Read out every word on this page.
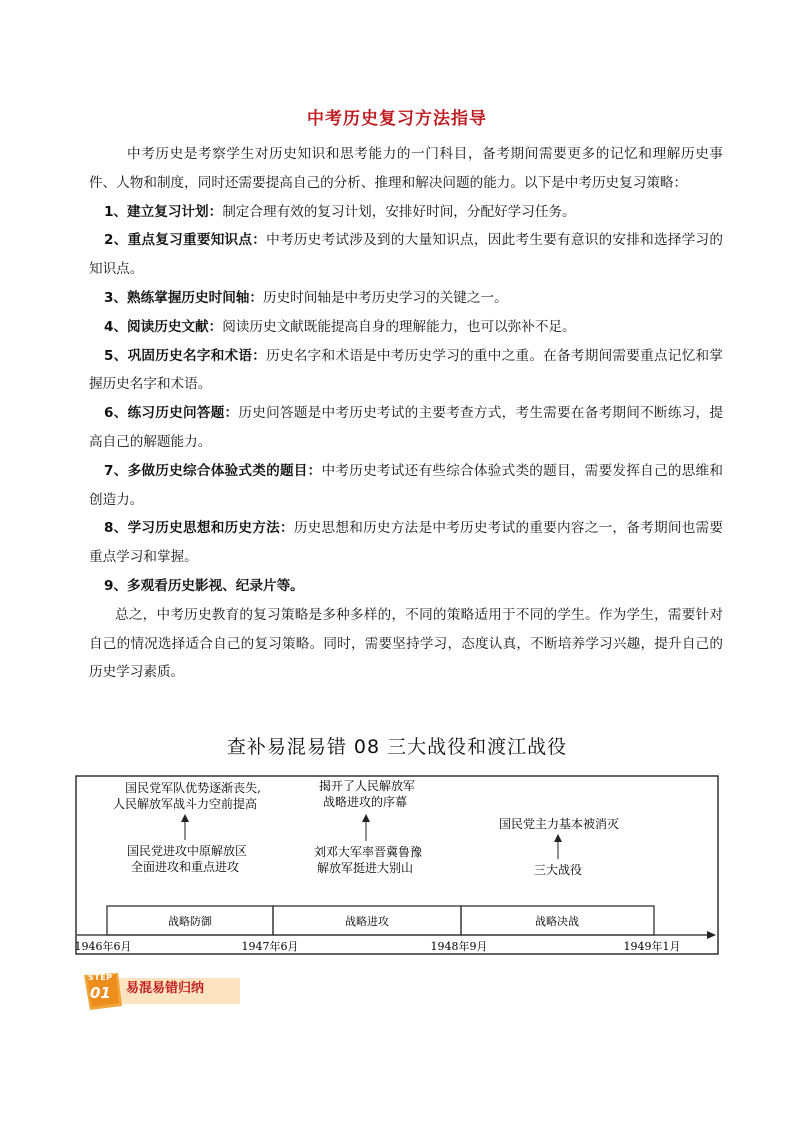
中考历史复习方法指导

中考历史是考察学生对历史知识和思考能力的一门科目，备考期间需要更多的记忆和理解历史事件、人物和制度，同时还需要提高自己的分析、推理和解决问题的能力。以下是中考历史复习策略：

1、建立复习计划：制定合理有效的复习计划，安排好时间，分配好学习任务。

2、重点复习重要知识点：中考历史考试涉及到的大量知识点，因此考生要有意识的安排和选择学习的知识点。

3、熟练掌握历史时间轴：历史时间轴是中考历史学习的关键之一。

4、阅读历史文献：阅读历史文献既能提高自身的理解能力，也可以弥补不足。

5、巩固历史名字和术语：历史名字和术语是中考历史学习的重中之重。在备考期间需要重点记忆和掌握历史名字和术语。

6、练习历史问答题：历史问答题是中考历史考试的主要考查方式，考生需要在备考期间不断练习，提高自己的解题能力。

7、多做历史综合体验式类的题目：中考历史考试还有些综合体验式类的题目，需要发挥自己的思维和创造力。

8、学习历史思想和历史方法：历史思想和历史方法是中考历史考试的重要内容之一，备考期间也需要重点学习和掌握。

9、多观看历史影视、纪录片等。

总之，中考历史教育的复习策略是多种多样的，不同的策略适用于不同的学生。作为学生，需要针对自己的情况选择适合自己的复习策略。同时，需要坚持学习，态度认真，不断培养学习兴趣，提升自己的历史学习素质。

查补易混易错 08 三大战役和渡江战役
战略防御	战略进攻	战略决战
1946年6月	1947年6月	1948年9月	1949年1月
国民党军队优势逐渐丧失,
人民解放军战斗力空前提高
国民党进攻中原解放区
全面进攻和重点进攻
揭开了人民解放军
战略进攻的序幕
刘邓大军率晋冀鲁豫
解放军挺进大别山
国民党主力基本被消灭
三大战役
STEP
01 易混易错归纳
